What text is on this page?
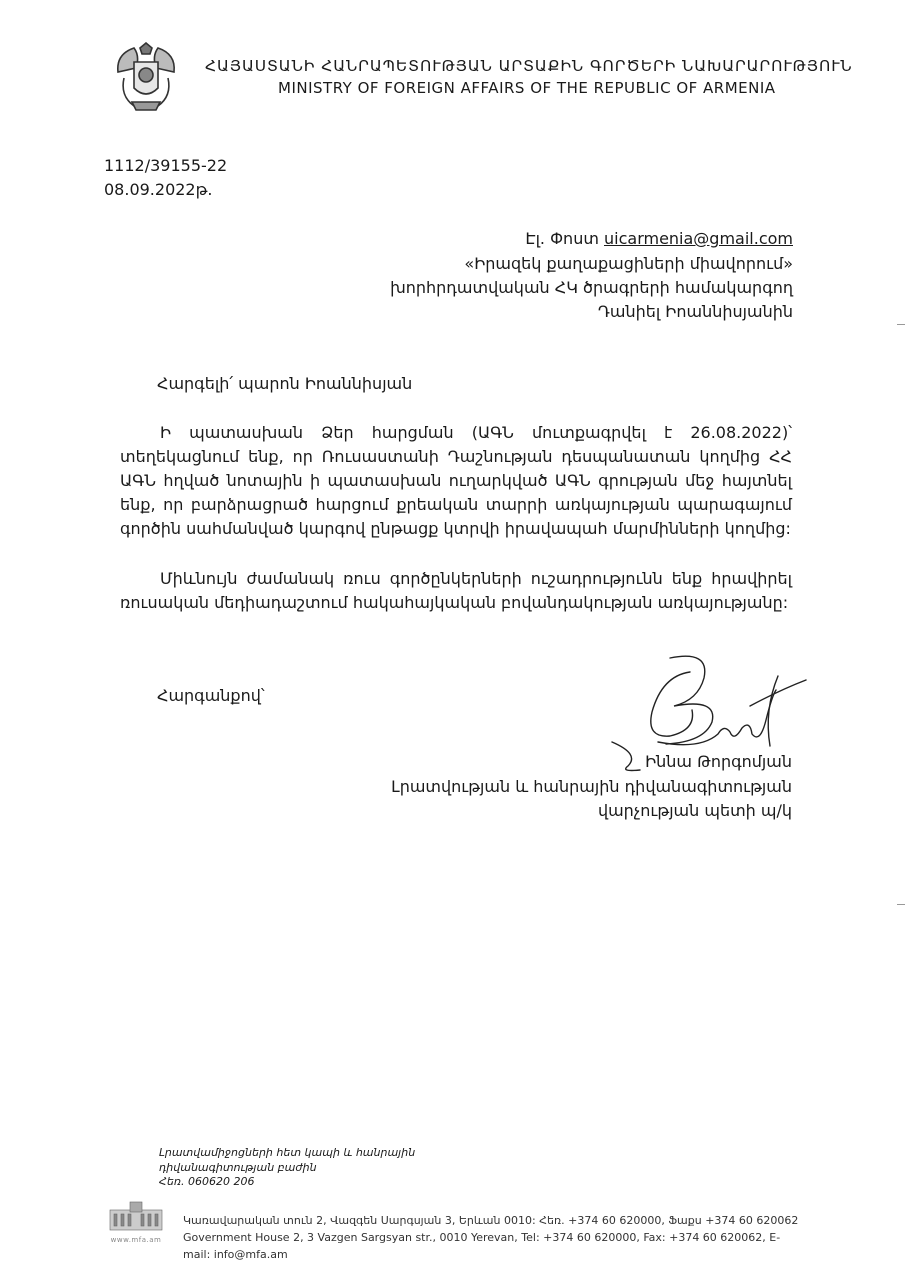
ՀԱՅԱՍՏԱՆԻ ՀԱՆՐԱՊԵՏՈՒԹՅԱՆ ԱՐՏԱՔԻՆ ԳՈՐԾԵՐԻ ՆԱԽԱՐԱՐՈՒԹՅՈՒՆ
MINISTRY OF FOREIGN AFFAIRS OF THE REPUBLIC OF ARMENIA
1112/39155-22
08.09.2022թ.
Էլ. Փոստ uicarmenia@gmail.com
«Իրազեկ քաղաքացիների միավորում»
խորհրդատվական ՀԿ ծրագրերի համակարգող
Դանիել Իոաննիսյանին
Հարգելի՛ պարոն Իոաննիսյան
Ի պատասխան Ձեր հարցման (ԱԳՆ մուտքագրվել է 26.08.2022)՝ տեղեկացնում ենք, որ Ռուսաստանի Դաշնության դեսպանատան կողմից ՀՀ ԱԳՆ հղված նոտային ի պատասխան ուղարկված ԱԳՆ գրության մեջ հայտնել ենք, որ բարձրացրած հարցում քրեական տարրի առկայության պարագայում գործին սահմանված կարգով ընթացք կտրվի իրավապահ մարմինների կողմից:
Միևնույն ժամանակ ռուս գործընկերների ուշադրությունն ենք հրավիրել ռուսական մեդիադաշտում հակահայկական բովանդակության առկայությանը:
Հարգանքով՝
Իննա Թորգոմյան
Լրատվության և հանրային դիվանագիտության
վարչության պետի պ/կ
Լրատվամիջոցների հետ կապի և հանրային
դիվանագիտության բաժին
Հեռ. 060620 206
www.mfa.am
Կառավարական տուն 2, Վազգեն Սարգսյան 3, Երևան 0010: Հեռ. +374 60 620000, Ֆաքս +374 60 620062
Government House 2, 3 Vazgen Sargsyan str., 0010 Yerevan, Tel: +374 60 620000, Fax: +374 60 620062, E-mail: info@mfa.am
